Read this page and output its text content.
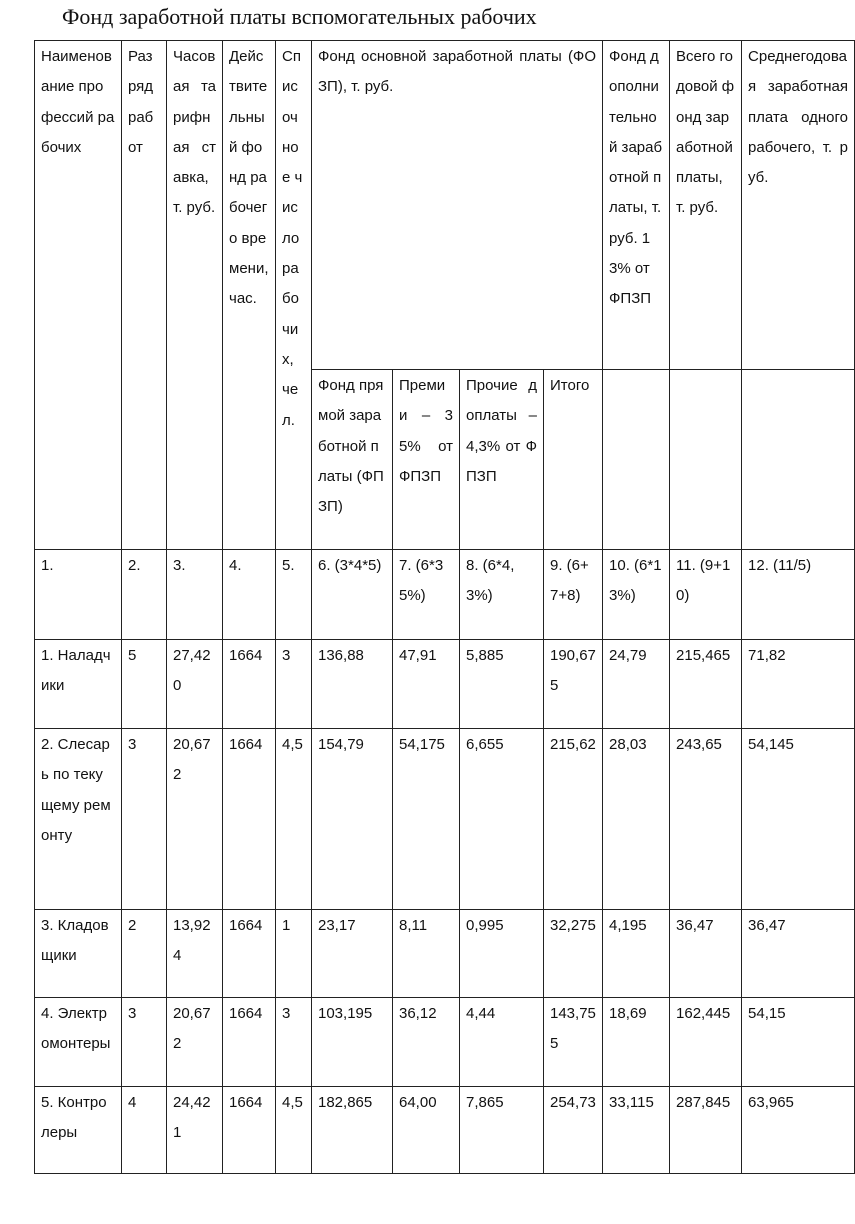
Фонд заработной платы вспомогательных рабочих
Наименование профессий рабочих	Разряд работ	Часовая тарифная ставка, т. руб.	Действительный фонд рабочего времени, час.	Списочное число рабочих, чел.	Фонд основной заработной платы (ФОЗП), т. руб.				Фонд дополнительной заработной платы, т. руб. 13% от ФПЗП	Всего годовой фонд заработной платы, т. руб.	Среднегодовая заработная плата одного рабочего, т. руб.
					Фонд прямой заработной платы (ФПЗП)	Премии – 35% от ФПЗП	Прочие доплаты – 4,3% от ФПЗП	Итого			
1.	2.	3.	4.	5.	6. (3*4*5)	7. (6*35%)	8. (6*4,3%)	9. (6+7+8)	10. (6*13%)	11. (9+10)	12. (11/5)
1. Наладчики	5	27,420	1664	3	136,88	47,91	5,885	190,675	24,79	215,465	71,82
2. Слесарь по текущему ремонту	3	20,672	1664	4,5	154,79	54,175	6,655	215,62	28,03	243,65	54,145
3. Кладовщики	2	13,924	1664	1	23,17	8,11	0,995	32,275	4,195	36,47	36,47
4. Электромонтеры	3	20,672	1664	3	103,195	36,12	4,44	143,755	18,69	162,445	54,15
5. Контролеры	4	24,421	1664	4,5	182,865	64,00	7,865	254,73	33,115	287,845	63,965
